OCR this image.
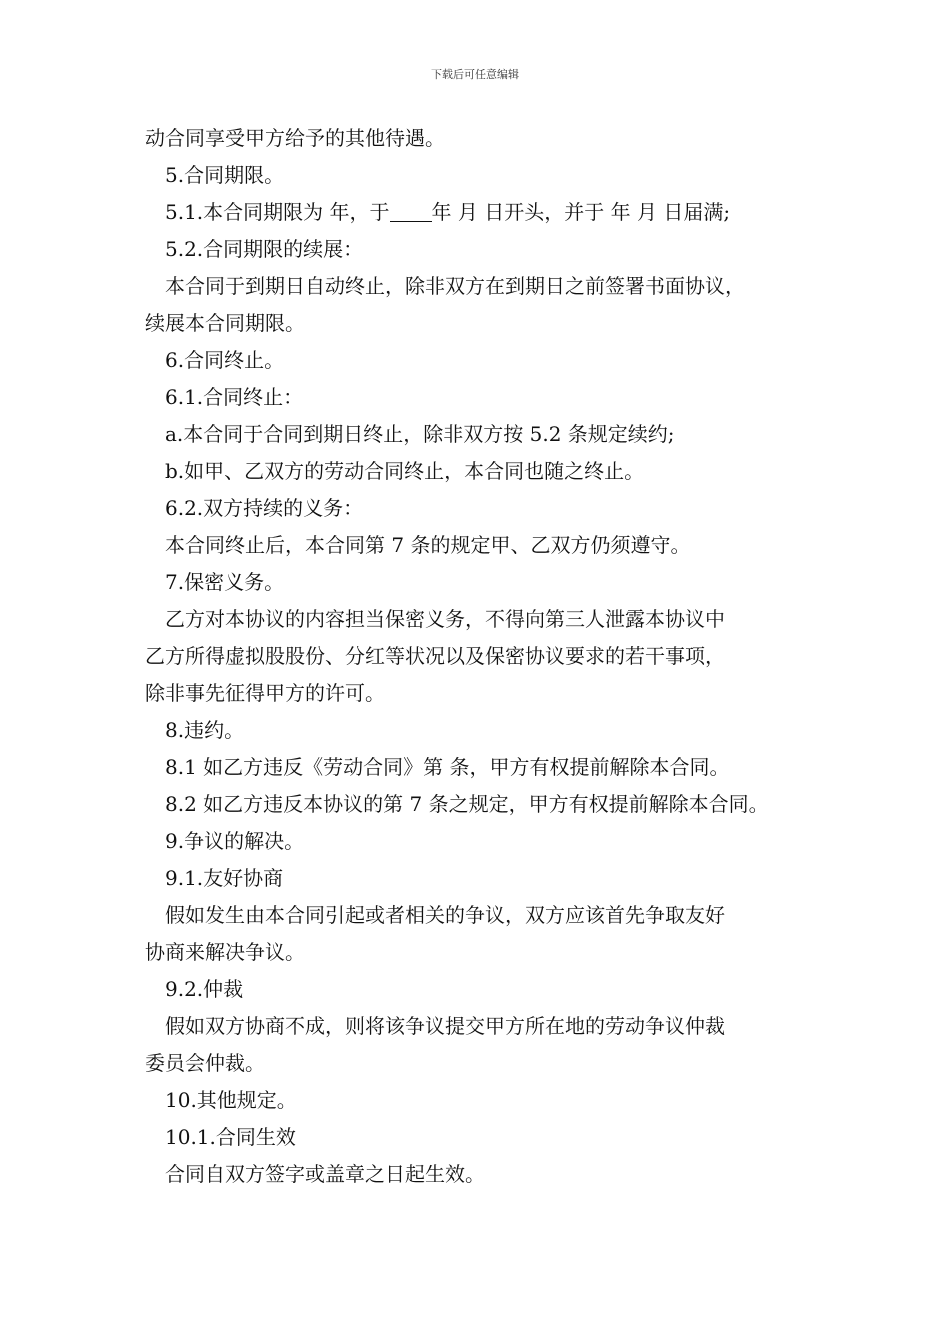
下载后可任意编辑
动合同享受甲方给予的其他待遇。
5.合同期限。
5.1.本合同期限为 年，于 年 月 日开头，并于 年 月 日届满;
5.2.合同期限的续展：
本合同于到期日自动终止，除非双方在到期日之前签署书面协议，
续展本合同期限。
6.合同终止。
6.1.合同终止：
a.本合同于合同到期日终止，除非双方按 5.2 条规定续约;
b.如甲、乙双方的劳动合同终止，本合同也随之终止。
6.2.双方持续的义务：
本合同终止后，本合同第 7 条的规定甲、乙双方仍须遵守。
7.保密义务。
乙方对本协议的内容担当保密义务，不得向第三人泄露本协议中
乙方所得虚拟股股份、分红等状况以及保密协议要求的若干事项，
除非事先征得甲方的许可。
8.违约。
8.1 如乙方违反《劳动合同》第 条，甲方有权提前解除本合同。
8.2 如乙方违反本协议的第 7 条之规定，甲方有权提前解除本合同。
9.争议的解决。
9.1.友好协商
假如发生由本合同引起或者相关的争议，双方应该首先争取友好
协商来解决争议。
9.2.仲裁
假如双方协商不成，则将该争议提交甲方所在地的劳动争议仲裁
委员会仲裁。
10.其他规定。
10.1.合同生效
合同自双方签字或盖章之日起生效。
